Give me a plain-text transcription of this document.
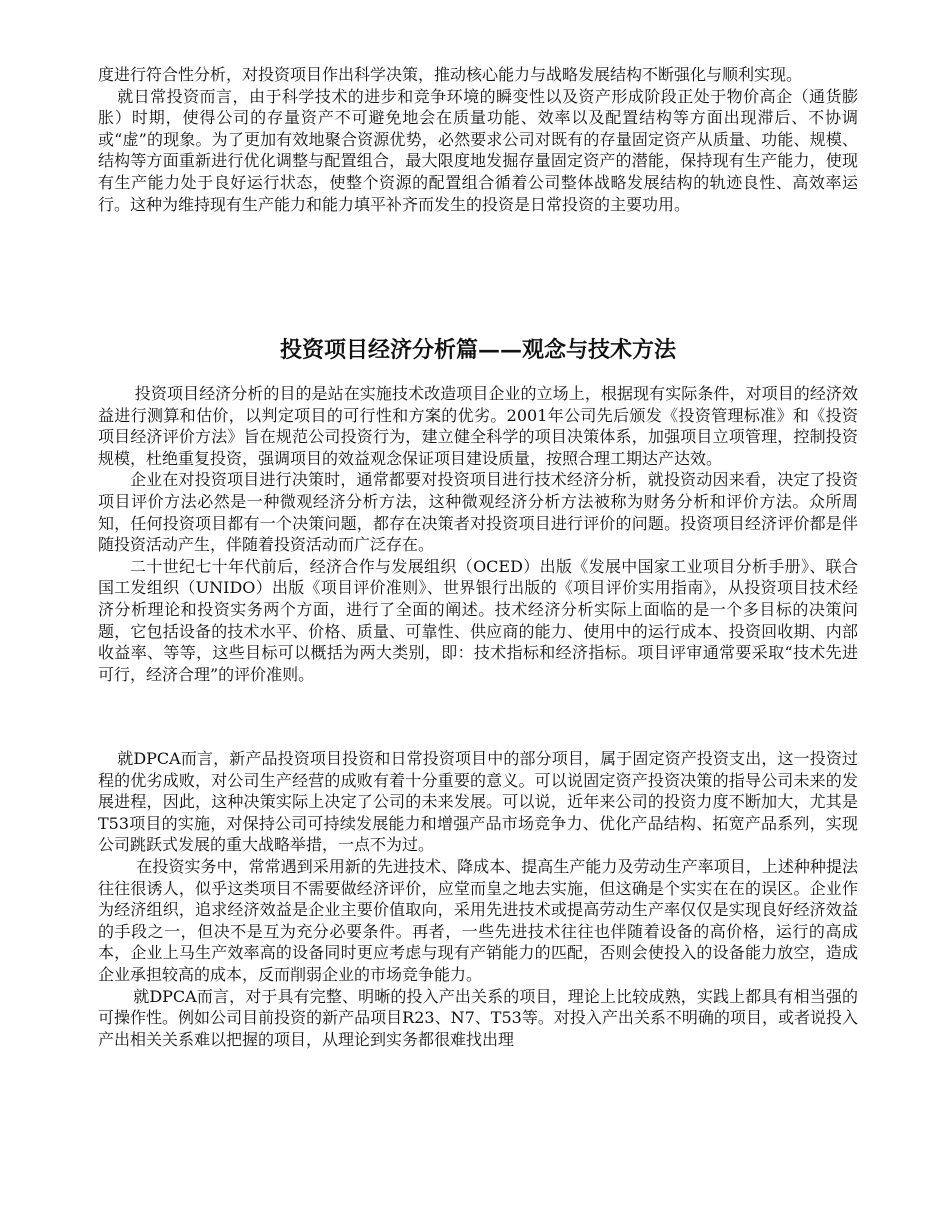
度进行符合性分析，对投资项目作出科学决策，推动核心能力与战略发展结构不断强化与顺利实现。

就日常投资而言，由于科学技术的进步和竞争环境的瞬变性以及资产形成阶段正处于物价高企（通货膨胀）时期，使得公司的存量资产不可避免地会在质量功能、效率以及配置结构等方面出现滞后、不协调或“虚”的现象。为了更加有效地聚合资源优势，必然要求公司对既有的存量固定资产从质量、功能、规模、结构等方面重新进行优化调整与配置组合，最大限度地发掘存量固定资产的潜能，保持现有生产能力，使现有生产能力处于良好运行状态，使整个资源的配置组合循着公司整体战略发展结构的轨迹良性、高效率运行。这种为维持现有生产能力和能力填平补齐而发生的投资是日常投资的主要功用。

投资项目经济分析篇——观念与技术方法

投资项目经济分析的目的是站在实施技术改造项目企业的立场上，根据现有实际条件，对项目的经济效益进行测算和估价，以判定项目的可行性和方案的优劣。2001年公司先后颁发《投资管理标准》和《投资项目经济评价方法》旨在规范公司投资行为，建立健全科学的项目决策体系，加强项目立项管理，控制投资规模，杜绝重复投资，强调项目的效益观念保证项目建设质量，按照合理工期达产达效。

企业在对投资项目进行决策时，通常都要对投资项目进行技术经济分析，就投资动因来看，决定了投资项目评价方法必然是一种微观经济分析方法，这种微观经济分析方法被称为财务分析和评价方法。众所周知，任何投资项目都有一个决策问题，都存在决策者对投资项目进行评价的问题。投资项目经济评价都是伴随投资活动产生，伴随着投资活动而广泛存在。

二十世纪七十年代前后，经济合作与发展组织（OCED）出版《发展中国家工业项目分析手册》、联合国工发组织（UNIDO）出版《项目评价准则》、世界银行出版的《项目评价实用指南》，从投资项目技术经济分析理论和投资实务两个方面，进行了全面的阐述。技术经济分析实际上面临的是一个多目标的决策问题，它包括设备的技术水平、价格、质量、可靠性、供应商的能力、使用中的运行成本、投资回收期、内部收益率、等等，这些目标可以概括为两大类别，即：技术指标和经济指标。项目评审通常要采取“技术先进可行，经济合理”的评价准则。

就DPCA而言，新产品投资项目投资和日常投资项目中的部分项目，属于固定资产投资支出，这一投资过程的优劣成败，对公司生产经营的成败有着十分重要的意义。可以说固定资产投资决策的指导公司未来的发展进程，因此，这种决策实际上决定了公司的未来发展。可以说，近年来公司的投资力度不断加大，尤其是T53项目的实施，对保持公司可持续发展能力和增强产品市场竞争力、优化产品结构、拓宽产品系列，实现公司跳跃式发展的重大战略举措，一点不为过。

在投资实务中，常常遇到采用新的先进技术、降成本、提高生产能力及劳动生产率项目，上述种种提法往往很诱人，似乎这类项目不需要做经济评价，应堂而皇之地去实施，但这确是个实实在在的误区。企业作为经济组织，追求经济效益是企业主要价值取向，采用先进技术或提高劳动生产率仅仅是实现良好经济效益的手段之一，但决不是互为充分必要条件。再者，一些先进技术往往也伴随着设备的高价格，运行的高成本，企业上马生产效率高的设备同时更应考虑与现有产销能力的匹配，否则会使投入的设备能力放空，造成企业承担较高的成本，反而削弱企业的市场竞争能力。

就DPCA而言，对于具有完整、明晰的投入产出关系的项目，理论上比较成熟，实践上都具有相当强的可操作性。例如公司目前投资的新产品项目R23、N7、T53等。对投入产出关系不明确的项目，或者说投入产出相关关系难以把握的项目，从理论到实务都很难找出理
